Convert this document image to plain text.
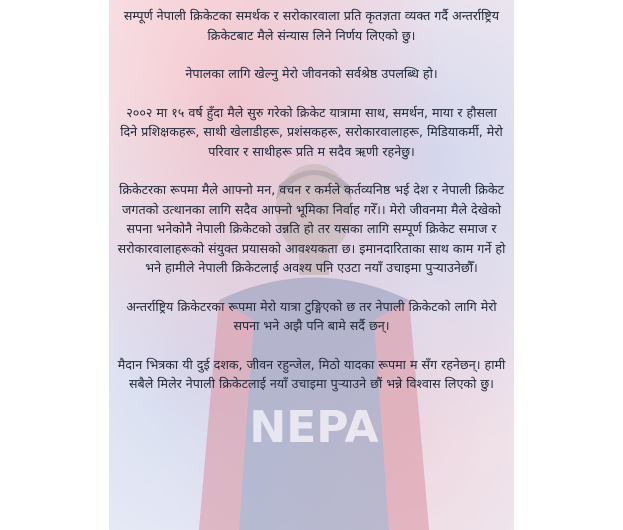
NEPA

सम्पूर्ण नेपाली क्रिकेटका समर्थक र सरोकारवाला प्रति कृतज्ञता व्यक्त गर्दै अन्तर्राष्ट्रिय क्रिकेटबाट मैले संन्यास लिने निर्णय लिएको छु।

नेपालका लागि खेल्नु मेरो जीवनको सर्वश्रेष्ठ उपलब्धि हो।

२००२ मा १५ वर्ष हुँदा मैले सुरु गरेको क्रिकेट यात्रामा साथ, समर्थन, माया र हौसला दिने प्रशिक्षकहरू, साथी खेलाडीहरू, प्रशंसकहरू, सरोकारवालाहरू, मिडियाकर्मी, मेरो परिवार र साथीहरू प्रति म सदैव ऋणी रहनेछु।

क्रिकेटरका रूपमा मैले आफ्नो मन, वचन र कर्मले कर्तव्यनिष्ठ भई देश र नेपाली क्रिकेट जगतको उत्थानका लागि सदैव आफ्नो भूमिका निर्वाह गरेँ।। मेरो जीवनमा मैले देखेको सपना भनेकोनै नेपाली क्रिकेटको उन्नति हो तर यसका लागि सम्पूर्ण क्रिकेट समाज र सरोकारवालाहरूको संयुक्त प्रयासको आवश्यकता छ। इमानदारिताका साथ काम गर्ने हो भने हामीले नेपाली क्रिकेटलाई अवश्य पनि एउटा नयाँ उचाइमा पुर्‍याउनेछौँ।

अन्तर्राष्ट्रिय क्रिकेटरका रूपमा मेरो यात्रा टुङ्गिएको छ तर नेपाली क्रिकेटको लागि मेरो सपना भने अझै पनि बामे सर्दै छन्।

मैदान भित्रका यी दुई दशक, जीवन रहुन्जेल, मिठो यादका रूपमा म सँग रहनेछन्। हामी सबैले मिलेर नेपाली क्रिकेटलाई नयाँ उचाइमा पुर्‍याउने छौं भन्ने विश्वास लिएको छु।
